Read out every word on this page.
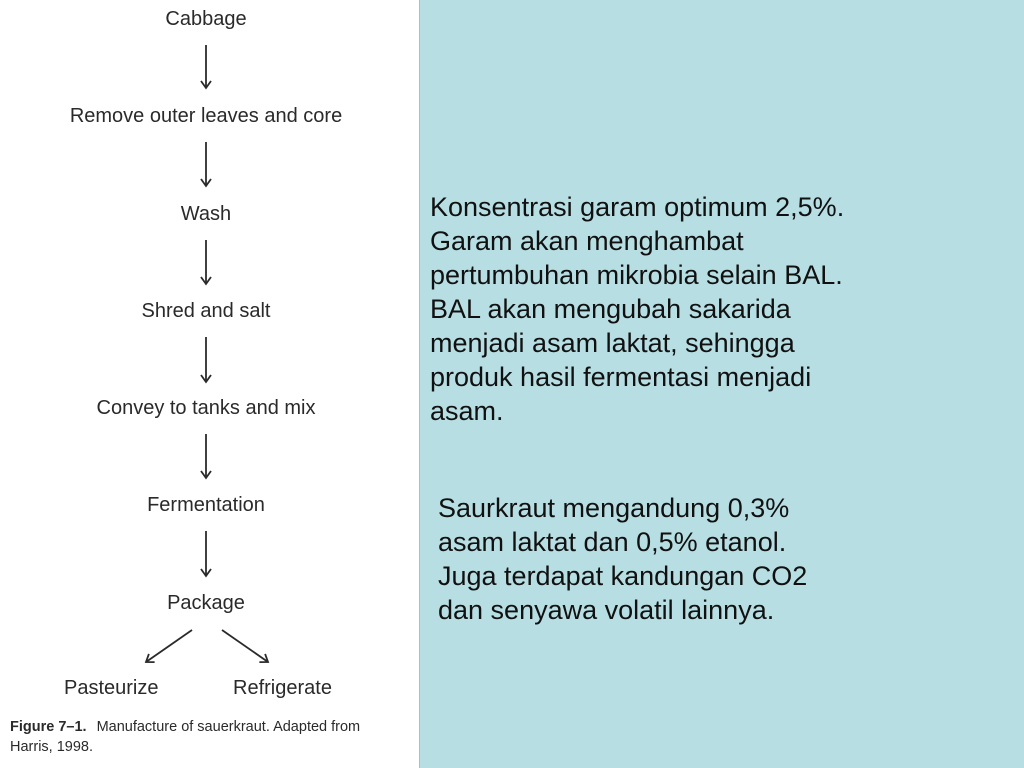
Cabbage
Remove outer leaves and core
Wash
Shred and salt
Convey to tanks and mix
Fermentation
Package
Pasteurize	Refrigerate
Figure 7–1. Manufacture of sauerkraut. Adapted from
Harris, 1998.
Konsentrasi garam optimum 2,5%.
Garam akan menghambat
pertumbuhan mikrobia selain BAL.
BAL akan mengubah sakarida
menjadi asam laktat, sehingga
produk hasil fermentasi menjadi
asam.
Saurkraut mengandung 0,3%
asam laktat dan 0,5% etanol.
Juga terdapat kandungan CO2
dan senyawa volatil lainnya.
